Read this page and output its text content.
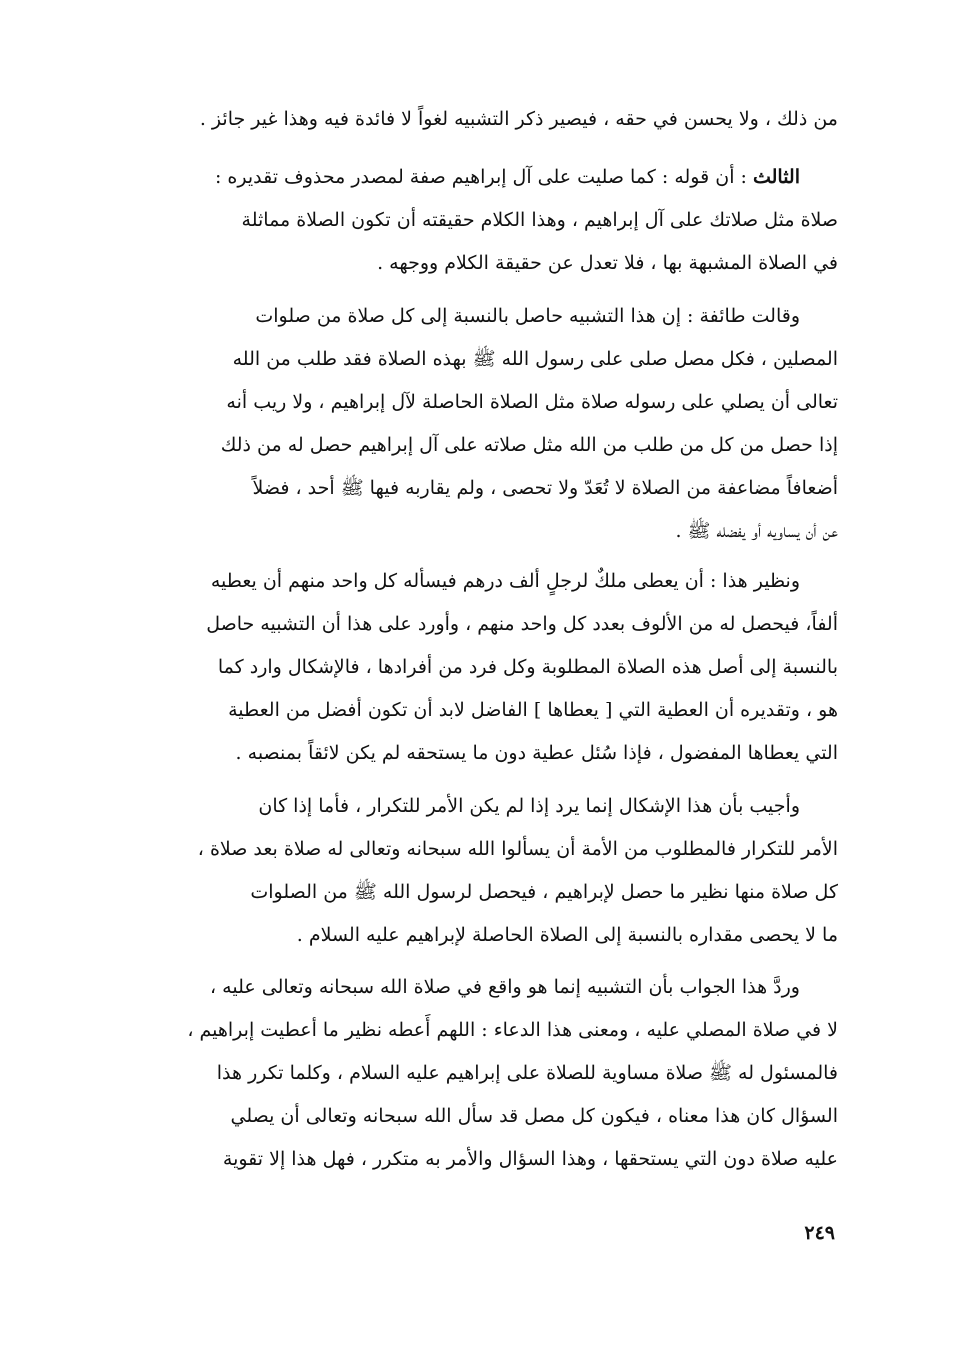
من ذلك ، ولا يحسن في حقه ، فيصير ذكر التشبيه لغواً لا فائدة فيه وهذا غير جائز .

الثالث : أن قوله : كما صليت على آل إبراهيم صفة لمصدر محذوف تقديره :
صلاة مثل صلاتك على آل إبراهيم ، وهذا الكلام حقيقته أن تكون الصلاة مماثلة
في الصلاة المشبهة بها ، فلا تعدل عن حقيقة الكلام ووجهه .

وقالت طائفة : إن هذا التشبيه حاصل بالنسبة إلى كل صلاة من صلوات
المصلين ، فكل مصل صلى على رسول الله ﷺ بهذه الصلاة فقد طلب من الله
تعالى أن يصلي على رسوله صلاة مثل الصلاة الحاصلة لآل إبراهيم ، ولا ريب أنه
إذا حصل من كل من طلب من الله مثل صلاته على آل إبراهيم حصل له من ذلك
أضعافاً مضاعفة من الصلاة لا تُعَدّ ولا تحصى ، ولم يقاربه فيها ﷺ أحد ، فضلاً
عن أن يساويه أو يفضله ﷺ .

ونظير هذا : أن يعطى ملكٌ لرجلٍ ألف درهم فيسأله كل واحد منهم أن يعطيه
ألفاً، فيحصل له من الألوف بعدد كل واحد منهم ، وأورد على هذا أن التشبيه حاصل
بالنسبة إلى أصل هذه الصلاة المطلوبة وكل فرد من أفرادها ، فالإشكال وارد كما
هو ، وتقديره أن العطية التي [ يعطاها ] الفاضل لابد أن تكون أفضل من العطية
التي يعطاها المفضول ، فإذا سُئل عطية دون ما يستحقه لم يكن لائقاً بمنصبه .

وأجيب بأن هذا الإشكال إنما يرد إذا لم يكن الأمر للتكرار ، فأما إذا كان
الأمر للتكرار فالمطلوب من الأمة أن يسألوا الله سبحانه وتعالى له صلاة بعد صلاة ،
كل صلاة منها نظير ما حصل لإبراهيم ، فيحصل لرسول الله ﷺ من الصلوات
ما لا يحصى مقداره بالنسبة إلى الصلاة الحاصلة لإبراهيم عليه السلام .

وردَّ هذا الجواب بأن التشبيه إنما هو واقع في صلاة الله سبحانه وتعالى عليه ،
لا في صلاة المصلي عليه ، ومعنى هذا الدعاء : اللهم أَعطه نظير ما أعطيت إبراهيم ،
فالمسئول له ﷺ صلاة مساوية للصلاة على إبراهيم عليه السلام ، وكلما تكرر هذا
السؤال كان هذا معناه ، فيكون كل مصل قد سأل الله سبحانه وتعالى أن يصلي
عليه صلاة دون التي يستحقها ، وهذا السؤال والأمر به متكرر ، فهل هذا إلا تقوية

٢٤٩
